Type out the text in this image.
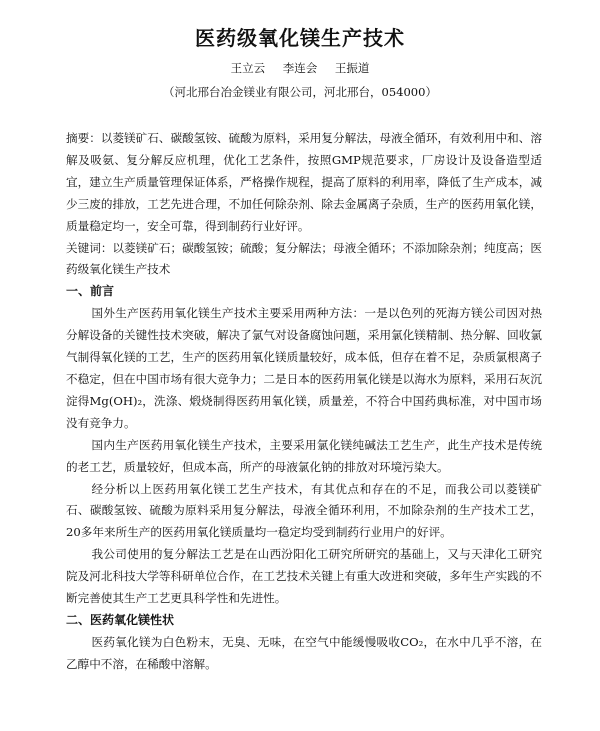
医药级氧化镁生产技术
王立云 李连会 王振道
（河北邢台冶金镁业有限公司，河北邢台，054000）

摘要：以菱镁矿石、碳酸氢铵、硫酸为原料，采用复分解法，母液全循环，有效利用中和、溶解及吸氨、复分解反应机理，优化工艺条件，按照GMP规范要求，厂房设计及设备造型适宜，建立生产质量管理保证体系，严格操作规程，提高了原料的利用率，降低了生产成本，减少三废的排放，工艺先进合理，不加任何除杂剂、除去金属离子杂质，生产的医药用氧化镁，质量稳定均一，安全可靠，得到制药行业好评。

关键词：以菱镁矿石；碳酸氢铵；硫酸；复分解法；母液全循环；不添加除杂剂；纯度高；医药级氧化镁生产技术

一、前言

国外生产医药用氧化镁生产技术主要采用两种方法：一是以色列的死海方镁公司因对热分解设备的关键性技术突破，解决了氯气对设备腐蚀问题，采用氯化镁精制、热分解、回收氯气制得氧化镁的工艺，生产的医药用氧化镁质量较好，成本低，但存在着不足，杂质氯根离子不稳定，但在中国市场有很大竞争力；二是日本的医药用氧化镁是以海水为原料，采用石灰沉淀得Mg(OH)₂，洗涤、煅烧制得医药用氧化镁，质量差，不符合中国药典标准，对中国市场没有竞争力。

国内生产医药用氧化镁生产技术，主要采用氯化镁纯碱法工艺生产，此生产技术是传统的老工艺，质量较好，但成本高，所产的母液氯化钠的排放对环境污染大。

经分析以上医药用氧化镁工艺生产技术，有其优点和存在的不足，而我公司以菱镁矿石、碳酸氢铵、硫酸为原料采用复分解法，母液全循环利用，不加除杂剂的生产技术工艺，20多年来所生产的医药用氧化镁质量均一稳定均受到制药行业用户的好评。

我公司使用的复分解法工艺是在山西汾阳化工研究所研究的基础上，又与天津化工研究院及河北科技大学等科研单位合作，在工艺技术关键上有重大改进和突破，多年生产实践的不断完善使其生产工艺更具科学性和先进性。

二、医药氧化镁性状

医药氧化镁为白色粉末，无臭、无味，在空气中能缓慢吸收CO₂，在水中几乎不溶，在乙醇中不溶，在稀酸中溶解。
